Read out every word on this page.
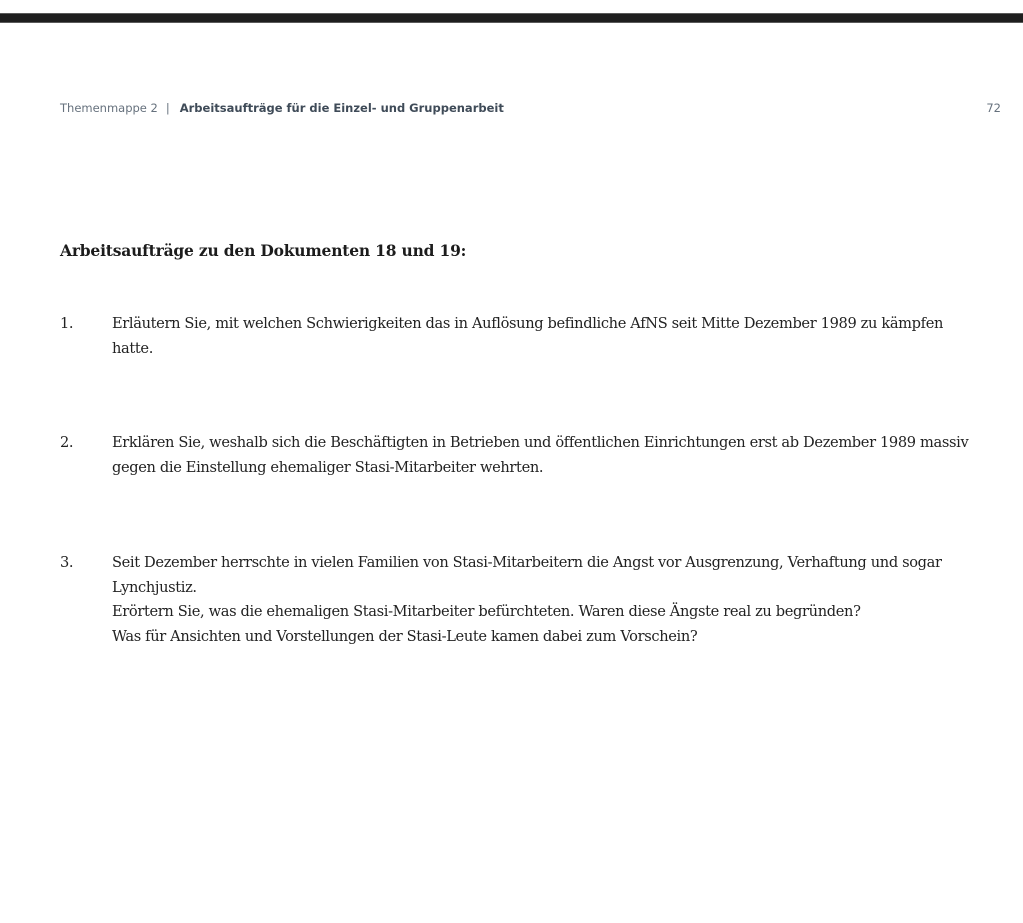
Themenmappe 2 | Arbeitsaufträge für die Einzel- und Gruppenarbeit	72
Arbeitsaufträge zu den Dokumenten 18 und 19:
1.	Erläutern Sie, mit welchen Schwierigkeiten das in Auflösung befindliche AfNS seit Mitte Dezember 1989 zu kämpfen
hatte.
2.	Erklären Sie, weshalb sich die Beschäftigten in Betrieben und öffentlichen Einrichtungen erst ab Dezember 1989 massiv
gegen die Einstellung ehemaliger Stasi-Mitarbeiter wehrten.
3.	Seit Dezember herrschte in vielen Familien von Stasi-Mitarbeitern die Angst vor Ausgrenzung, Verhaftung und sogar
Lynchjustiz.
Erörtern Sie, was die ehemaligen Stasi-Mitarbeiter befürchteten. Waren diese Ängste real zu begründen?
Was für Ansichten und Vorstellungen der Stasi-Leute kamen dabei zum Vorschein?
